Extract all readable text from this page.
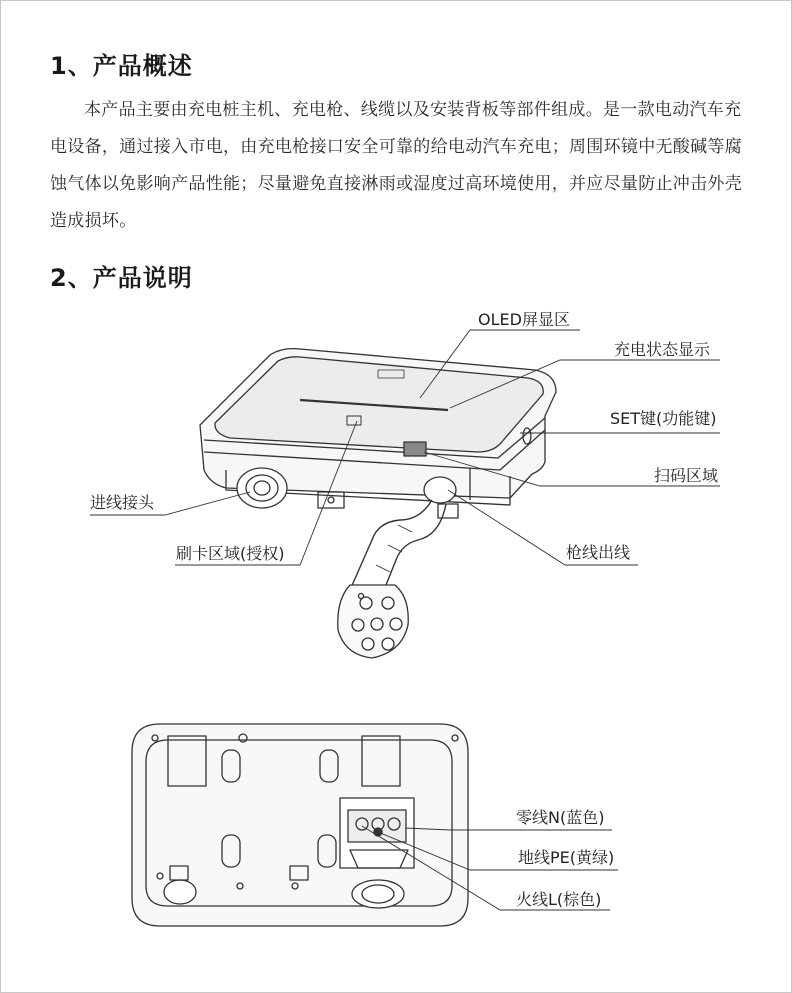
1、产品概述

本产品主要由充电桩主机、充电枪、线缆以及安装背板等部件组成。是一款电动汽车充电设备，通过接入市电，由充电枪接口安全可靠的给电动汽车充电；周围环镜中无酸碱等腐蚀气体以免影响产品性能；尽量避免直接淋雨或湿度过高环境使用，并应尽量防止冲击外壳造成损坏。

2、产品说明
OLED屏显区
充电状态显示
SET键(功能键)
扫码区域
进线接头
刷卡区域(授权)	枪线出线
零线N(蓝色)
地线PE(黄绿)
火线L(棕色)
